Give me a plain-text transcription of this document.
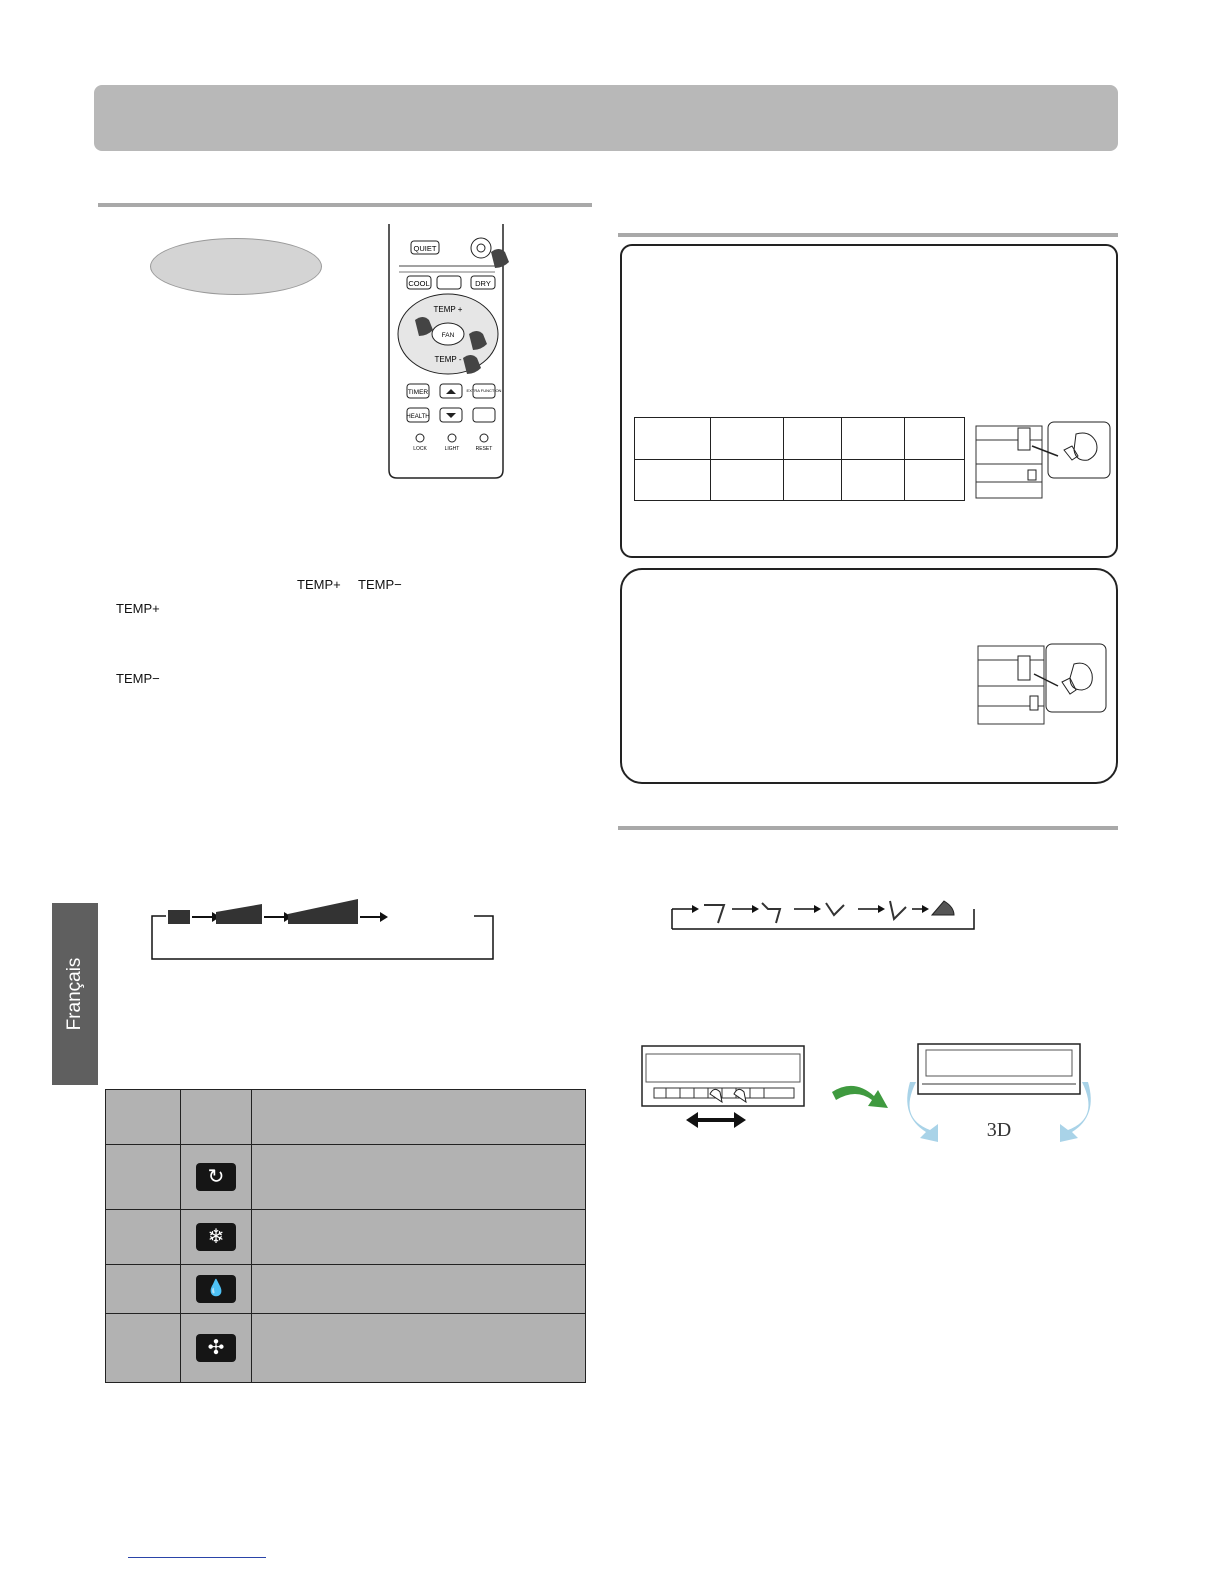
Français
QUIET
COOL	DRY
TEMP +
FAN
TEMP -
TIMER	EXTRA FUNCTION
HEALTH
LOCK	LIGHT	RESET
TEMP+ TEMP−
TEMP+
TEMP−

	↻	
	❄	
	💧	
	✣	

3D
